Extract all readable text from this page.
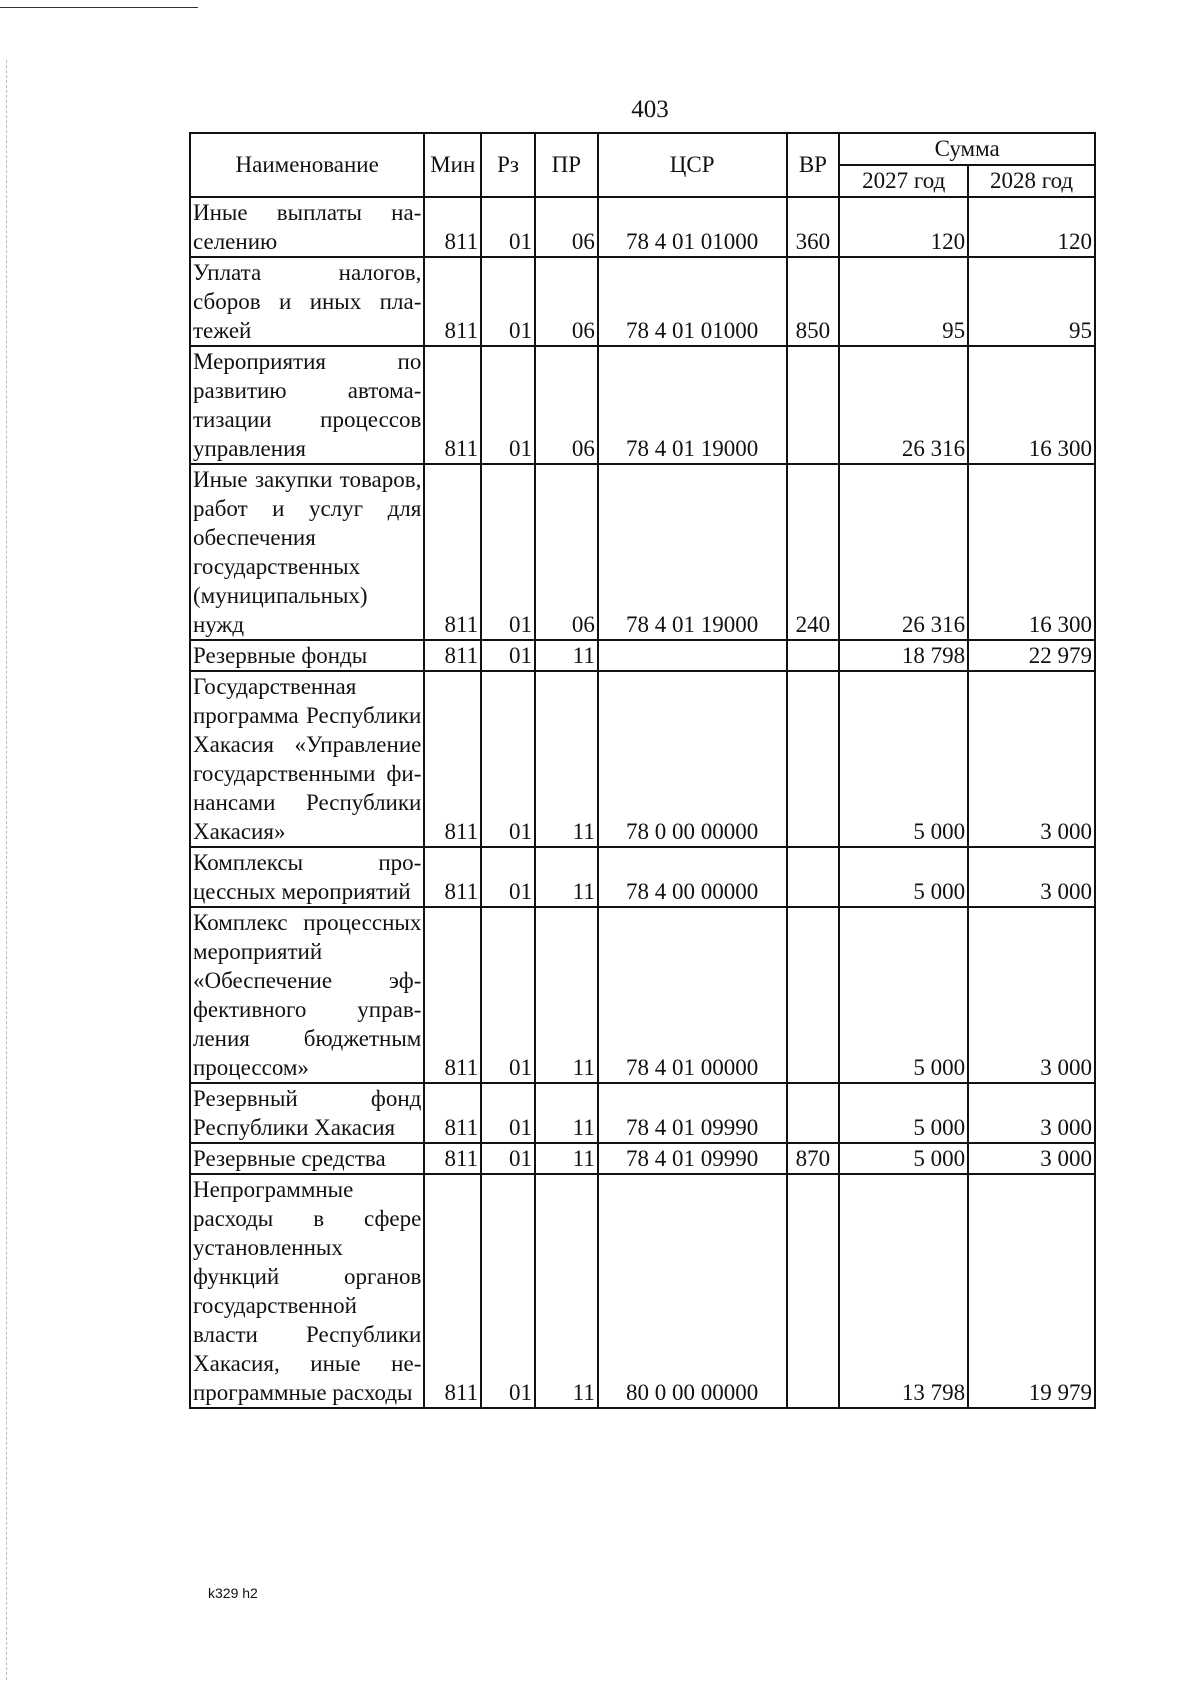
403
Наименование	Мин	Рз	ПР	ЦСР	ВР	Сумма	
						2027 год	2028 год
Иные выплаты населению	811	01	06	78 4 01 01000	360	120	120
Уплата налогов, сборов и иных платежей	811	01	06	78 4 01 01000	850	95	95
Мероприятия по развитию автоматизации процессов управления	811	01	06	78 4 01 19000		26 316	16 300
Иные закупки товаров, работ и услуг для обеспечения государственных (муниципальных) нужд	811	01	06	78 4 01 19000	240	26 316	16 300
Резервные фонды	811	01	11			18 798	22 979
Государственная программа Республики Хакасия «Управление государственными финансами Республики Хакасия»	811	01	11	78 0 00 00000		5 000	3 000
Комплексы процессных мероприятий	811	01	11	78 4 00 00000		5 000	3 000
Комплекс процессных мероприятий «Обеспечение эффективного управления бюджетным процессом»	811	01	11	78 4 01 00000		5 000	3 000
Резервный фонд Республики Хакасия	811	01	11	78 4 01 09990		5 000	3 000
Резервные средства	811	01	11	78 4 01 09990	870	5 000	3 000
Непрограммные расходы в сфере установленных функций органов государственной власти Республики Хакасия, иные непрограммные расходы	811	01	11	80 0 00 00000		13 798	19 979
k329 h2
